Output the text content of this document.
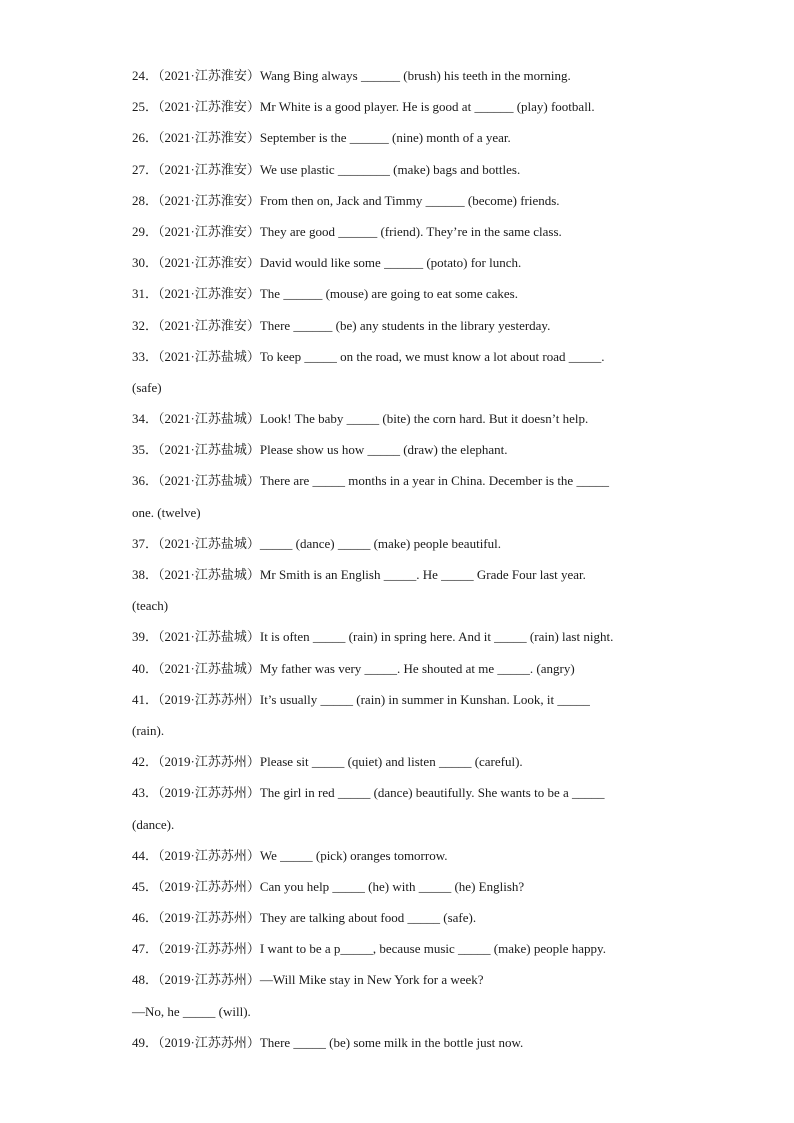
24．（2021·江苏淮安）Wang Bing always ______ (brush) his teeth in the morning.
25．（2021·江苏淮安）Mr White is a good player. He is good at ______ (play) football.
26．（2021·江苏淮安）September is the ______ (nine) month of a year.
27．（2021·江苏淮安）We use plastic ________ (make) bags and bottles.
28．（2021·江苏淮安）From then on, Jack and Timmy ______ (become) friends.
29．（2021·江苏淮安）They are good ______ (friend). They’re in the same class.
30．（2021·江苏淮安）David would like some ______ (potato) for lunch.
31．（2021·江苏淮安）The ______ (mouse) are going to eat some cakes.
32．（2021·江苏淮安）There ______ (be) any students in the library yesterday.
33．（2021·江苏盐城）To keep _____ on the road, we must know a lot about road _____.
(safe)
34．（2021·江苏盐城）Look! The baby _____ (bite) the corn hard. But it doesn’t help.
35．（2021·江苏盐城）Please show us how _____ (draw) the elephant.
36．（2021·江苏盐城）There are _____ months in a year in China. December is the _____
one. (twelve)
37．（2021·江苏盐城）_____ (dance) _____ (make) people beautiful.
38．（2021·江苏盐城）Mr Smith is an English _____. He _____ Grade Four last year.
(teach)
39．（2021·江苏盐城）It is often _____ (rain) in spring here. And it _____ (rain) last night.
40．（2021·江苏盐城）My father was very _____. He shouted at me _____. (angry)
41．（2019·江苏苏州）It’s usually _____ (rain) in summer in Kunshan. Look, it _____
(rain).
42．（2019·江苏苏州）Please sit _____ (quiet) and listen _____ (careful).
43．（2019·江苏苏州）The girl in red _____ (dance) beautifully. She wants to be a _____
(dance).
44．（2019·江苏苏州）We _____ (pick) oranges tomorrow.
45．（2019·江苏苏州）Can you help _____ (he) with _____ (he) English?
46．（2019·江苏苏州）They are talking about food _____ (safe).
47．（2019·江苏苏州）I want to be a p_____, because music _____ (make) people happy.
48．（2019·江苏苏州）—Will Mike stay in New York for a week?
—No, he _____ (will).
49．（2019·江苏苏州）There _____ (be) some milk in the bottle just now.
